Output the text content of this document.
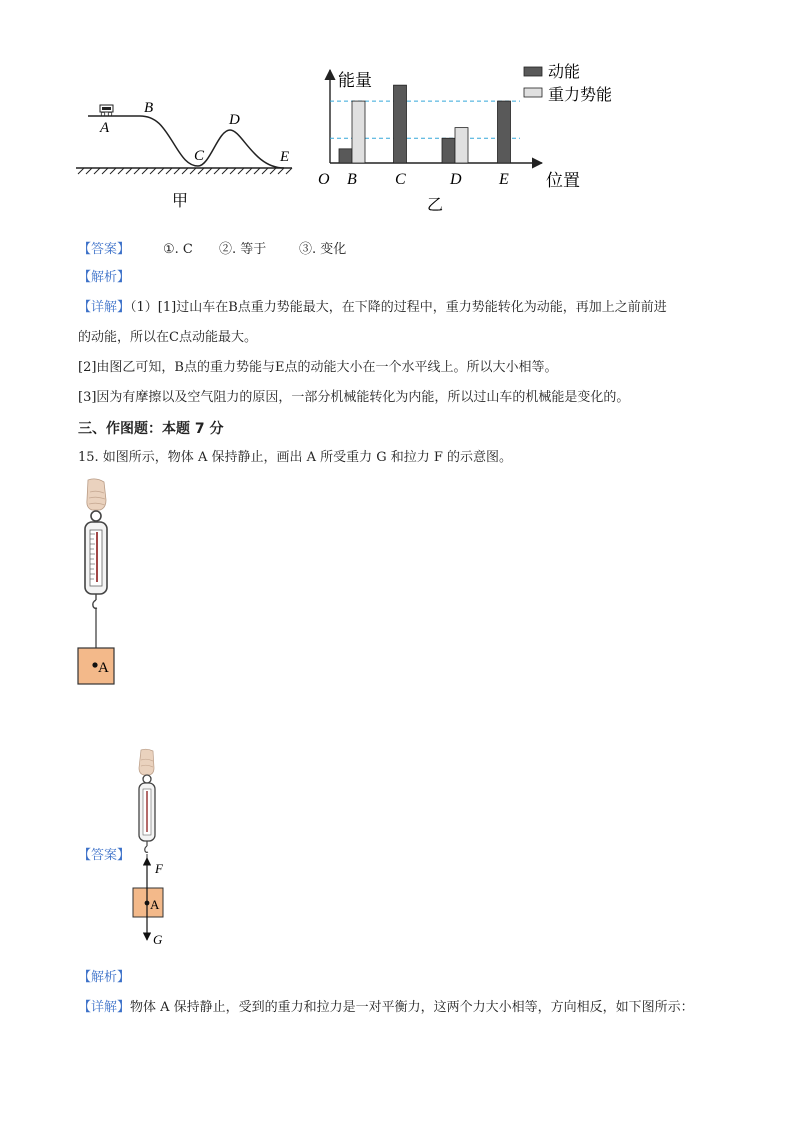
A
B
C
D
E
甲
能量
位置
O B C	D E
动能
重力势能
乙
【答案】	①. C ②. 等于	③. 变化
【解析】
【详解】（1）[1]过山车在B点重力势能最大，在下降的过程中，重力势能转化为动能，再加上之前前进
的动能，所以在C点动能最大。
[2]由图乙可知，B点的重力势能与E点的动能大小在一个水平线上。所以大小相等。
[3]因为有摩擦以及空气阻力的原因，一部分机械能转化为内能，所以过山车的机械能是变化的。
三、作图题：本题 7 分
15. 如图所示，物体 A 保持静止，画出 A 所受重力 G 和拉力 F 的示意图。
A
【答案】
A
F
G
【解析】
【详解】物体 A 保持静止，受到的重力和拉力是一对平衡力，这两个力大小相等，方向相反，如下图所示：
